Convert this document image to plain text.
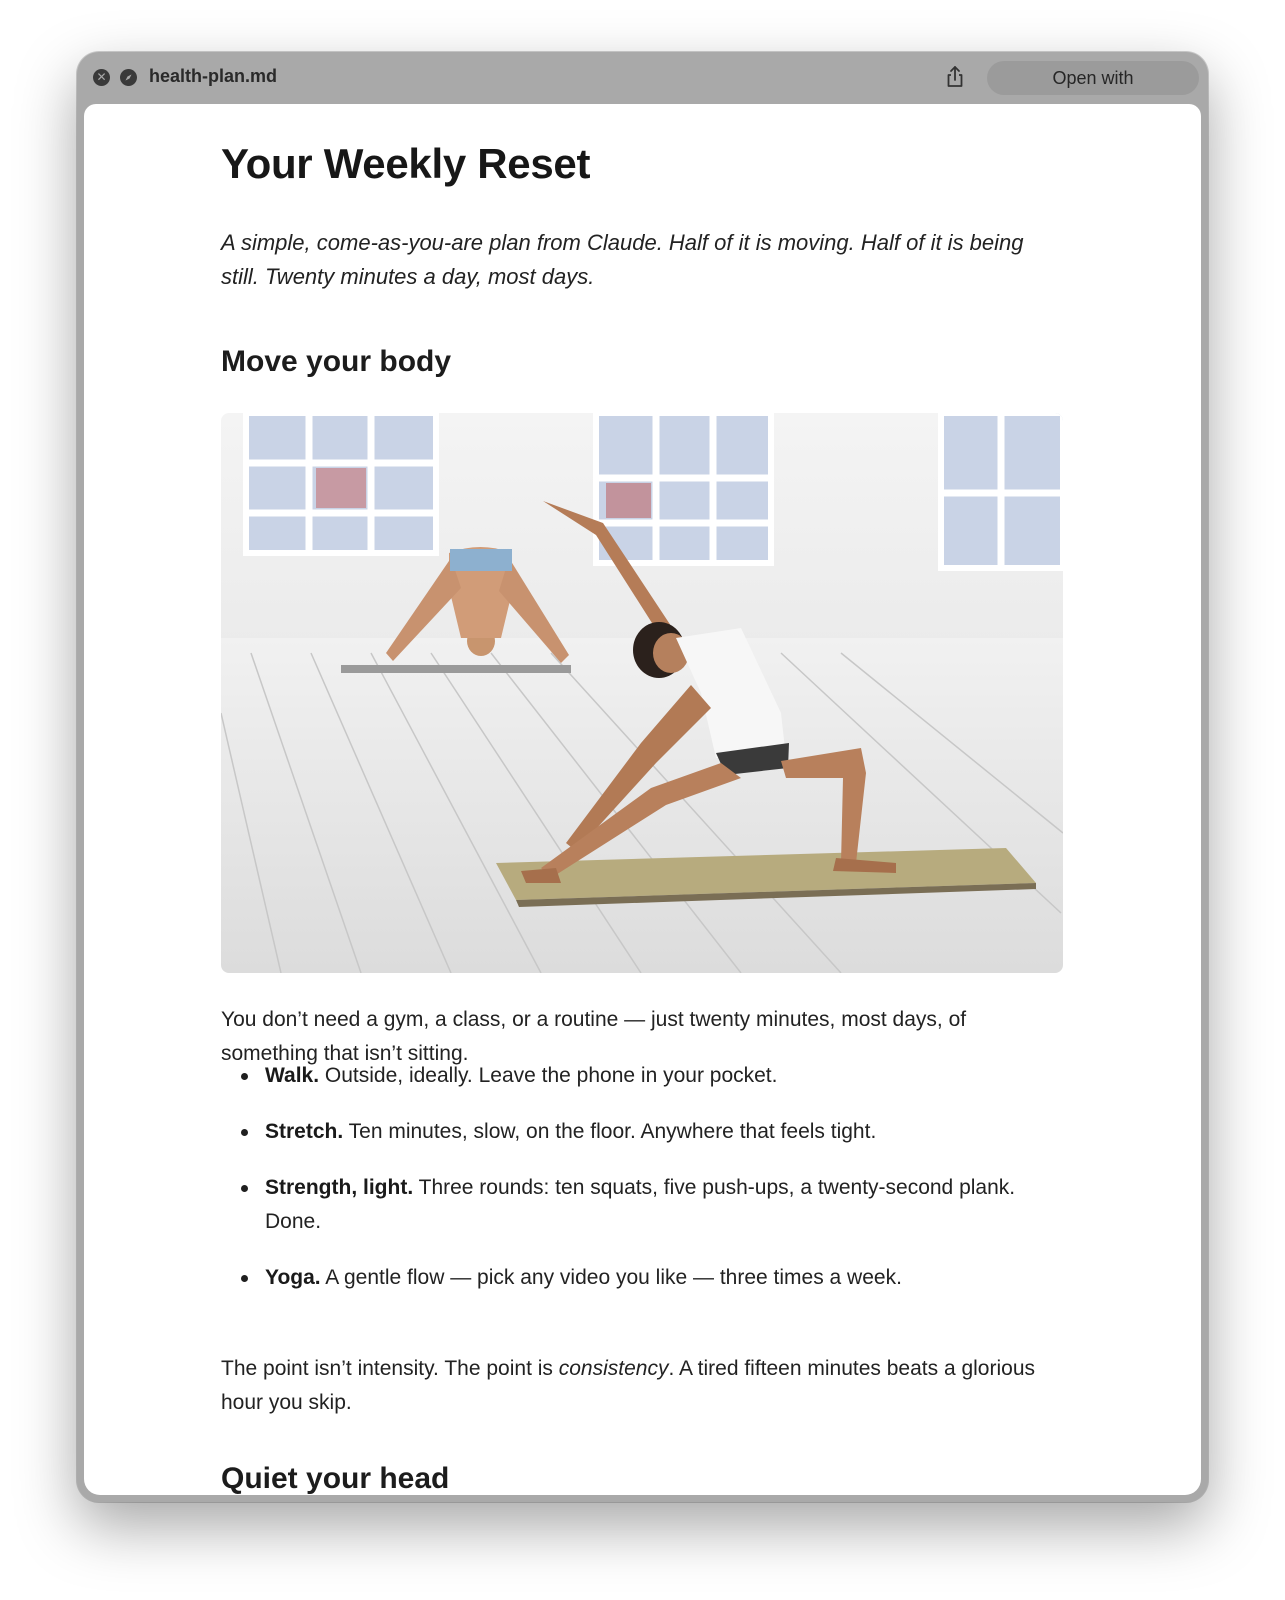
✕ health-plan.md	Open with
Your Weekly Reset

A simple, come-as-you-are plan from Claude. Half of it is moving. Half of it is being still. Twenty minutes a day, most days.

Move your body

You don’t need a gym, a class, or a routine — just twenty minutes, most days, of something that isn’t sitting.

Walk. Outside, ideally. Leave the phone in your pocket.
Stretch. Ten minutes, slow, on the floor. Anywhere that feels tight.
Strength, light. Three rounds: ten squats, five push-ups, a twenty-second plank. Done.
Yoga. A gentle flow — pick any video you like — three times a week.

The point isn’t intensity. The point is consistency. A tired fifteen minutes beats a glorious hour you skip.

Quiet your head
